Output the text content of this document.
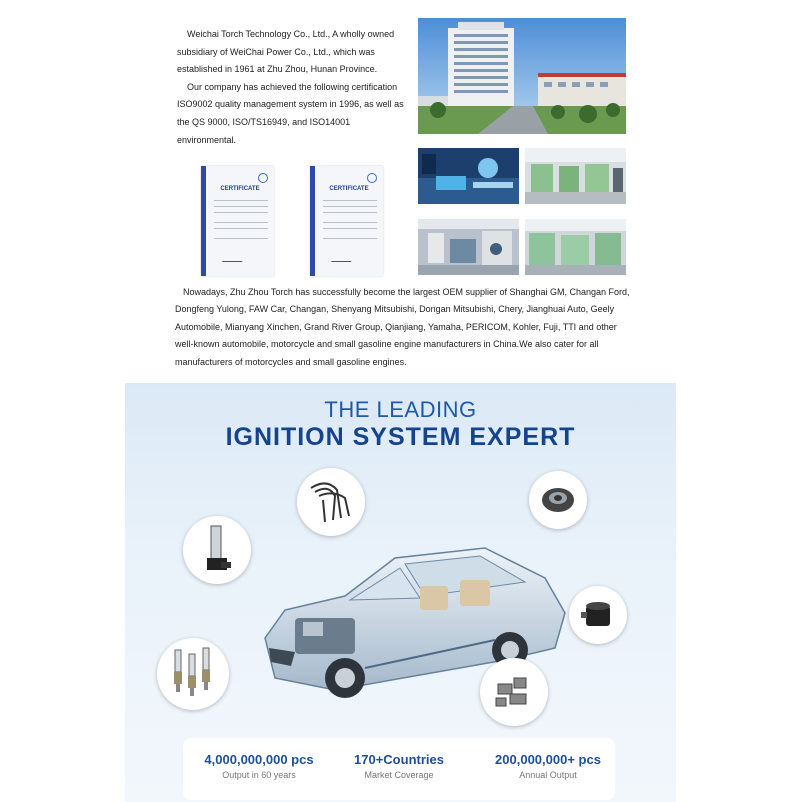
Weichai Torch Technology Co., Ltd., A wholly owned subsidiary of WeiChai Power Co., Ltd., which was established in 1961 at Zhu Zhou, Hunan Province.

Our company has achieved the following certification ISO9002 quality management system in 1996, as well as the QS 9000, ISO/TS16949, and ISO14001 environmental.

CERTIFICATE	CERTIFICATE

Nowadays, Zhu Zhou Torch has successfully become the largest OEM supplier of Shanghai GM, Changan Ford, Dongfeng Yulong, FAW Car, Changan, Shenyang Mitsubishi, Dongan Mitsubishi, Chery, Jianghuai Auto, Geely Automobile, Mianyang Xinchen, Grand River Group, Qianjiang, Yamaha, PERICOM, Kohler, Fuji, TTI and other well-known automobile, motorcycle and small gasoline engine manufacturers in China.We also cater for all manufacturers of motorcycles and small gasoline engines.

THE LEADING
IGNITION SYSTEM EXPERT
4,000,000,000 pcs
Output in 60 years
170+Countries
Market Coverage
200,000,000+ pcs
Annual Output
